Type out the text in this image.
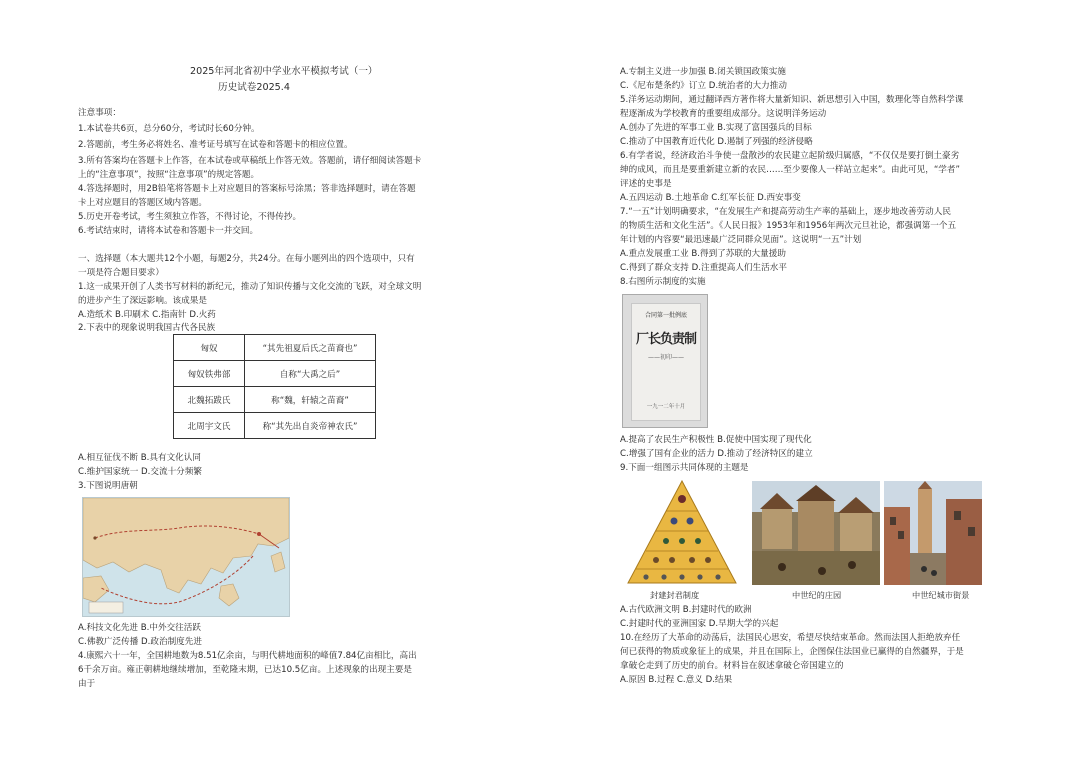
2025年河北省初中学业水平模拟考试（一）
历史试卷2025.4
注意事项：
1.本试卷共6页，总分60分，考试时长60分钟。
2.答题前，考生务必将姓名、准考证号填写在试卷和答题卡的相应位置。
3.所有答案均在答题卡上作答，在本试卷或草稿纸上作答无效。答题前，请仔细阅读答题卡
上的“注意事项”，按照“注意事项”的规定答题。
4.答选择题时，用2B铅笔将答题卡上对应题目的答案标号涂黑；答非选择题时，请在答题
卡上对应题目的答题区域内答题。
5.历史开卷考试，考生须独立作答，不得讨论，不得传抄。
6.考试结束时，请将本试卷和答题卡一并交回。
一、选择题（本大题共12个小题，每题2分，共24分。在每小题列出的四个选项中，只有
一项是符合题目要求）
1.这一成果开创了人类书写材料的新纪元，推动了知识传播与文化交流的飞跃，对全球文明
的进步产生了深远影响。该成果是
A.造纸术 B.印刷术 C.指南针 D.火药
2.下表中的现象说明我国古代各民族
匈奴	“其先祖夏后氏之苗裔也”
匈奴铁弗部	自称“大禹之后”
北魏拓跋氏	称“魏，轩辕之苗裔”
北周宇文氏	称“其先出自炎帝神农氏”
A.相互征伐不断 B.具有文化认同
C.维护国家统一 D.交流十分频繁
3.下图说明唐朝
A.科技文化先进 B.中外交往活跃
C.佛教广泛传播 D.政治制度先进
4.康熙六十一年，全国耕地数为8.51亿余亩，与明代耕地面积的峰值7.84亿亩相比，高出
6千余万亩。雍正朝耕地继续增加，至乾隆末期，已达10.5亿亩。上述现象的出现主要是
由于
A.专制主义进一步加强 B.闭关锁国政策实施
C.《尼布楚条约》订立 D.统治者的大力推动
5.洋务运动期间，通过翻译西方著作将大量新知识、新思想引入中国，数理化等自然科学课
程逐渐成为学校教育的重要组成部分。这说明洋务运动
A.创办了先进的军事工业 B.实现了富国强兵的目标
C.推动了中国教育近代化 D.遏制了列强的经济侵略
6.有学者说，经济政治斗争使一盘散沙的农民建立起阶级归属感，“不仅仅是要打倒土豪劣
绅的成风，而且是要重新建立新的农民……至少要像人一样站立起来”。由此可见，“学者”
评述的史事是
A.五四运动 B.土地革命 C.红军长征 D.西安事变
7.“一五”计划明确要求，“在发展生产和提高劳动生产率的基础上，逐步地改善劳动人民
的物质生活和文化生活”。《人民日报》1953年和1956年两次元旦社论，都强调第一个五
年计划的内容要“最迅速最广泛同群众见面”。这说明“一五”计划
A.重点发展重工业 B.得到了苏联的大量援助
C.得到了群众支持 D.注重提高人们生活水平
8.右图所示制度的实施
合同第一批例底
厂长负责制
——初印——
一九一二年十月
A.提高了农民生产积极性 B.促使中国实现了现代化
C.增强了国有企业的活力 D.推动了经济特区的建立
9.下面一组图示共同体现的主题是
封建封君制度	中世纪的庄园	中世纪城市街景
A.古代欧洲文明 B.封建时代的欧洲
C.封建时代的亚洲国家 D.早期大学的兴起
10.在经历了大革命的动荡后，法国民心思安，希望尽快结束革命。然而法国人拒绝放弃任
何已获得的物质或象征上的成果，并且在国际上，企图保住法国业已赢得的自然疆界，于是
拿破仑走到了历史的前台。材料旨在叙述拿破仑帝国建立的
A.原因 B.过程 C.意义 D.结果
